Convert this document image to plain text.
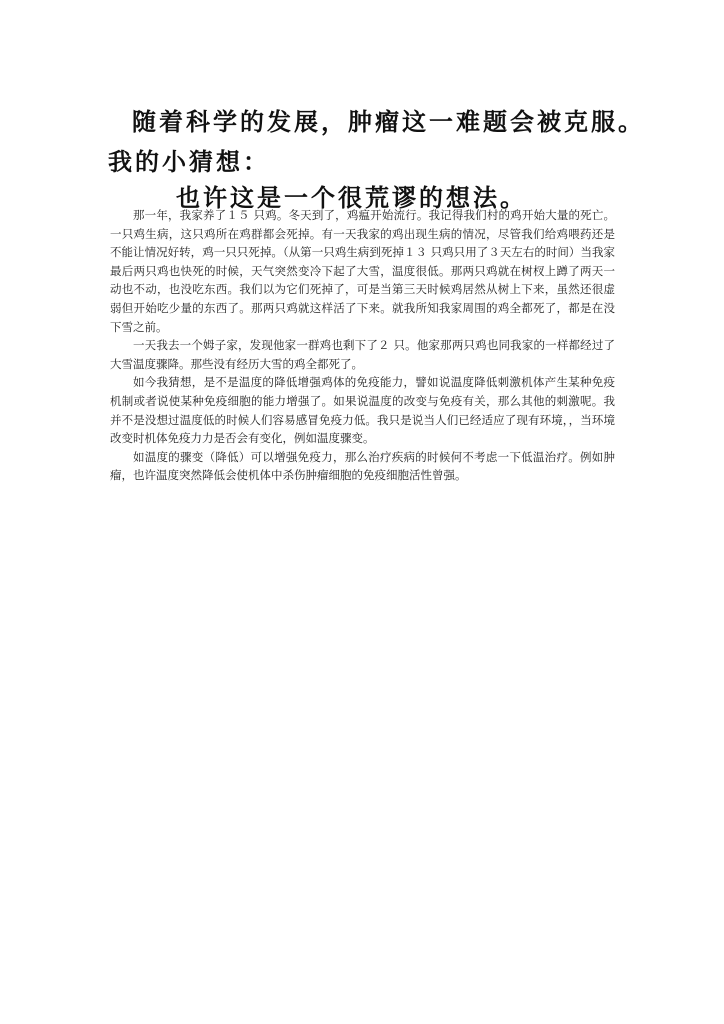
随着科学的发展，肿瘤这一难题会被克服。
我的小猜想：
也许这是一个很荒谬的想法。

那一年，我家养了１５ 只鸡。冬天到了，鸡瘟开始流行。我记得我们村的鸡开始大量的死亡。一只鸡生病，这只鸡所在鸡群都会死掉。有一天我家的鸡出现生病的情况，尽管我们给鸡喂药还是不能让情况好转，鸡一只只死掉。（从第一只鸡生病到死掉１３ 只鸡只用了３天左右的时间）当我家最后两只鸡也快死的时候，天气突然变冷下起了大雪，温度很低。那两只鸡就在树杈上蹲了两天一动也不动，也没吃东西。我们以为它们死掉了，可是当第三天时候鸡居然从树上下来，虽然还很虚弱但开始吃少量的东西了。那两只鸡就这样活了下来。就我所知我家周围的鸡全都死了，都是在没下雪之前。

一天我去一个姆子家，发现他家一群鸡也剩下了２ 只。他家那两只鸡也同我家的一样都经过了大雪温度骤降。那些没有经历大雪的鸡全都死了。

如今我猜想，是不是温度的降低增强鸡体的免疫能力，譬如说温度降低刺激机体产生某种免疫机制或者说使某种免疫细胞的能力增强了。如果说温度的改变与免疫有关，那么其他的刺激呢。我并不是没想过温度低的时候人们容易感冒免疫力低。我只是说当人们已经适应了现有环境，，当环境改变时机体免疫力力是否会有变化，例如温度骤变。

如温度的骤变（降低）可以增强免疫力，那么治疗疾病的时候何不考虑一下低温治疗。例如肿瘤，也许温度突然降低会使机体中杀伤肿瘤细胞的免疫细胞活性曾强。
